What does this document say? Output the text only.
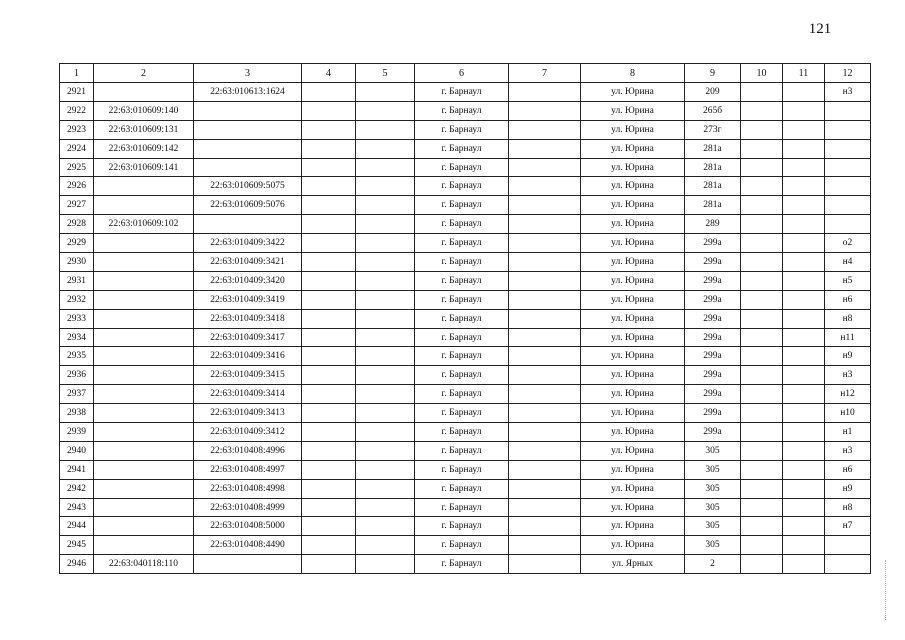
121
1	2	3	4	5	6	7	8	9	10	11	12
2921		22:63:010613:1624			г. Барнаул		ул. Юрина	209			н3
2922	22:63:010609:140				г. Барнаул		ул. Юрина	265б			
2923	22:63:010609:131				г. Барнаул		ул. Юрина	273г			
2924	22:63:010609:142				г. Барнаул		ул. Юрина	281а			
2925	22:63:010609:141				г. Барнаул		ул. Юрина	281а			
2926		22:63:010609:5075			г. Барнаул		ул. Юрина	281а			
2927		22:63:010609:5076			г. Барнаул		ул. Юрина	281а			
2928	22:63:010609:102				г. Барнаул		ул. Юрина	289			
2929		22:63:010409:3422			г. Барнаул		ул. Юрина	299а			о2
2930		22:63:010409:3421			г. Барнаул		ул. Юрина	299а			н4
2931		22:63:010409:3420			г. Барнаул		ул. Юрина	299а			н5
2932		22:63:010409:3419			г. Барнаул		ул. Юрина	299а			н6
2933		22:63:010409:3418			г. Барнаул		ул. Юрина	299а			н8
2934		22:63:010409:3417			г. Барнаул		ул. Юрина	299а			н11
2935		22:63:010409:3416			г. Барнаул		ул. Юрина	299а			н9
2936		22:63:010409:3415			г. Барнаул		ул. Юрина	299а			н3
2937		22:63:010409:3414			г. Барнаул		ул. Юрина	299а			н12
2938		22:63:010409:3413			г. Барнаул		ул. Юрина	299а			н10
2939		22:63:010409:3412			г. Барнаул		ул. Юрина	299а			н1
2940		22:63:010408:4996			г. Барнаул		ул. Юрина	305			н3
2941		22:63:010408:4997			г. Барнаул		ул. Юрина	305			н6
2942		22:63:010408:4998			г. Барнаул		ул. Юрина	305			н9
2943		22:63:010408:4999			г. Барнаул		ул. Юрина	305			н8
2944		22:63:010408:5000			г. Барнаул		ул. Юрина	305			н7
2945		22:63:010408:4490			г. Барнаул		ул. Юрина	305			
2946	22:63:040118:110				г. Барнаул		ул. Ярных	2			
